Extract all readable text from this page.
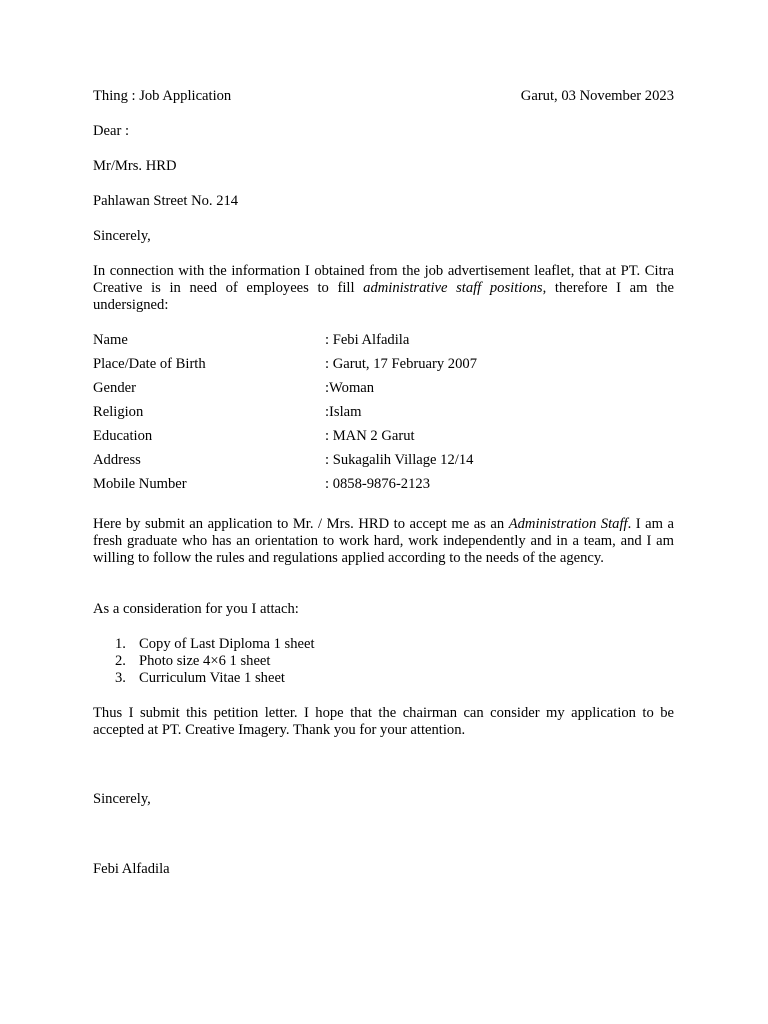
Thing : Job Application	Garut, 03 November 2023
Dear :
Mr/Mrs. HRD
Pahlawan Street No. 214
Sincerely,
In connection with the information I obtained from the job advertisement leaflet, that at PT. Citra Creative is in need of employees to fill administrative staff positions, therefore I am the undersigned:
Name	: Febi Alfadila
Place/Date of Birth	: Garut, 17 February 2007
Gender	:Woman
Religion	:Islam
Education	: MAN 2 Garut
Address	: Sukagalih Village 12/14
Mobile Number	: 0858-9876-2123
Here by submit an application to Mr. / Mrs. HRD to accept me as an Administration Staff. I am a fresh graduate who has an orientation to work hard, work independently and in a team, and I am willing to follow the rules and regulations applied according to the needs of the agency.
As a consideration for you I attach:
1. Copy of Last Diploma 1 sheet
2. Photo size 4×6 1 sheet
3. Curriculum Vitae 1 sheet
Thus I submit this petition letter. I hope that the chairman can consider my application to be accepted at PT. Creative Imagery. Thank you for your attention.
Sincerely,
Febi Alfadila
